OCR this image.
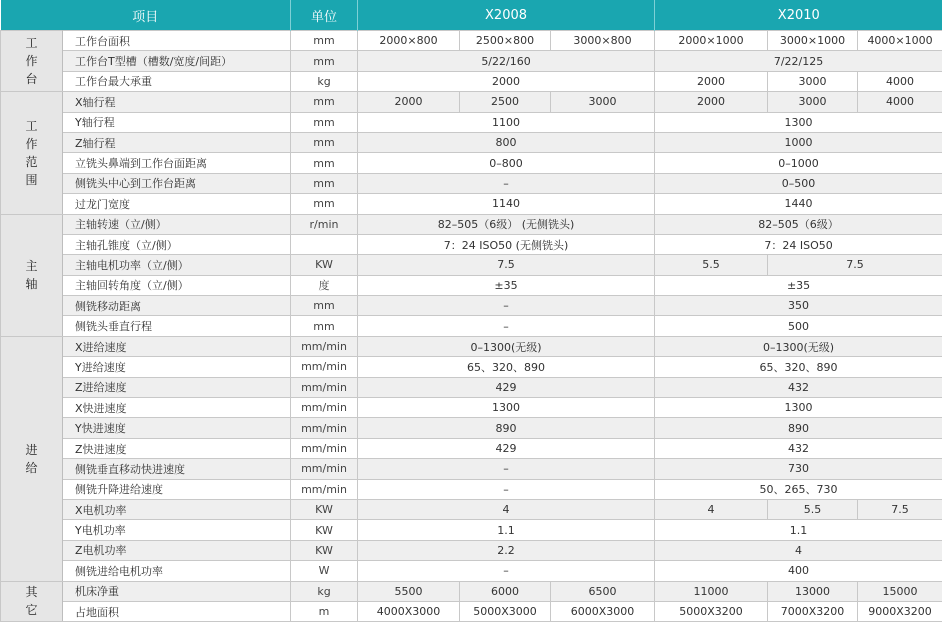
项目		单位	X2008			X2010		

工
作
台	工作台面积	mm	2000×800	2500×800	3000×800	2000×1000	3000×1000	4000×1000
	工作台T型槽（槽数/宽度/间距）	mm	5/22/160			7/22/125		
	工作台最大承重	kg	2000			2000	3000	4000

工
作
范
围	X轴行程	mm	2000	2500	3000	2000	3000	4000
	Y轴行程	mm	1100			1300		
	Z轴行程	mm	800			1000		
	立铣头鼻端到工作台面距离	mm	0–800			0–1000		
	侧铣头中心到工作台距离	mm	–			0–500		
	过龙门宽度	mm	1140			1440		

主
轴	主轴转速（立/侧）	r/min	82–505（6级） (无侧铣头)			82–505（6级）		
	主轴孔锥度（立/侧）		7：24 ISO50 (无侧铣头)			7：24 ISO50		
	主轴电机功率（立/侧）	KW	7.5			5.5	7.5	
	主轴回转角度（立/侧）	度	±35			±35		
	侧铣移动距离	mm	–			350		
	侧铣头垂直行程	mm	–			500		

进
给	X进给速度	mm/min	0–1300(无级)			0–1300(无级)		
	Y进给速度	mm/min	65、320、890			65、320、890		
	Z进给速度	mm/min	429			432		
	X快进速度	mm/min	1300			1300		
	Y快进速度	mm/min	890			890		
	Z快进速度	mm/min	429			432		
	侧铣垂直移动快进速度	mm/min	–			730		
	侧铣升降进给速度	mm/min	–			50、265、730		
	X电机功率	KW	4			4	5.5	7.5
	Y电机功率	KW	1.1			1.1		
	Z电机功率	KW	2.2			4		
	侧铣进给电机功率	W	–			400		

其
它	机床净重	kg	5500	6000	6500	11000	13000	15000
	占地面积	m	4000X3000	5000X3000	6000X3000	5000X3200	7000X3200	9000X3200
